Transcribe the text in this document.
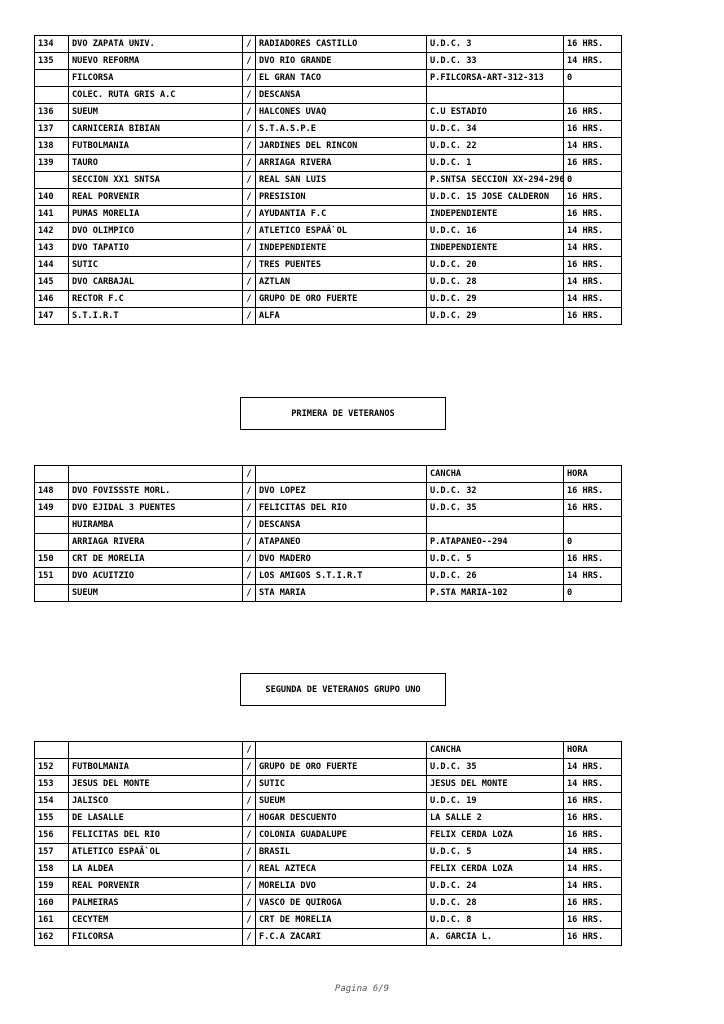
134	DVO ZAPATA UNIV.	/	RADIADORES CASTILLO	U.D.C. 3	16 HRS.
135	NUEVO REFORMA	/	DVO RIO GRANDE	U.D.C. 33	14 HRS.
	FILCORSA	/	EL GRAN TACO	P.FILCORSA-ART-312-313	0
	COLEC. RUTA GRIS A.C	/	DESCANSA		
136	SUEUM	/	HALCONES UVAQ	C.U ESTADIO	16 HRS.
137	CARNICERIA BIBIAN	/	S.T.A.S.P.E	U.D.C. 34	16 HRS.
138	FUTBOLMANIA	/	JARDINES DEL RINCON	U.D.C. 22	14 HRS.
139	TAURO	/	ARRIAGA RIVERA	U.D.C. 1	16 HRS.
	SECCION XX1 SNTSA	/	REAL SAN LUIS	P.SNTSA SECCION XX-294-296	0
140	REAL PORVENIR	/	PRESISION	U.D.C. 15 JOSE CALDERON	16 HRS.
141	PUMAS MORELIA	/	AYUDANTIA F.C	INDEPENDIENTE	16 HRS.
142	DVO OLIMPICO	/	ATLETICO ESPAÃ`OL	U.D.C. 16	14 HRS.
143	DVO TAPATIO	/	INDEPENDIENTE	INDEPENDIENTE	14 HRS.
144	SUTIC	/	TRES PUENTES	U.D.C. 20	16 HRS.
145	DVO CARBAJAL	/	AZTLAN	U.D.C. 28	14 HRS.
146	RECTOR F.C	/	GRUPO DE ORO FUERTE	U.D.C. 29	14 HRS.
147	S.T.I.R.T	/	ALFA	U.D.C. 29	16 HRS.
PRIMERA DE VETERANOS
		/		CANCHA	HORA
148	DVO FOVISSSTE MORL.	/	DVO LOPEZ	U.D.C. 32	16 HRS.
149	DVO EJIDAL 3 PUENTES	/	FELICITAS DEL RIO	U.D.C. 35	16 HRS.
	HUIRAMBA	/	DESCANSA		
	ARRIAGA RIVERA	/	ATAPANEO	P.ATAPANEO--294	0
150	CRT DE MORELIA	/	DVO MADERO	U.D.C. 5	16 HRS.
151	DVO ACUITZIO	/	LOS AMIGOS S.T.I.R.T	U.D.C. 26	14 HRS.
	SUEUM	/	STA MARIA	P.STA MARIA-102	0
SEGUNDA DE VETERANOS GRUPO UNO
		/		CANCHA	HORA
152	FUTBOLMANIA	/	GRUPO DE ORO FUERTE	U.D.C. 35	14 HRS.
153	JESUS DEL MONTE	/	SUTIC	JESUS DEL MONTE	14 HRS.
154	JALISCO	/	SUEUM	U.D.C. 19	16 HRS.
155	DE LASALLE	/	HOGAR DESCUENTO	LA SALLE 2	16 HRS.
156	FELICITAS DEL RIO	/	COLONIA GUADALUPE	FELIX CERDA LOZA	16 HRS.
157	ATLETICO ESPAÃ`OL	/	BRASIL	U.D.C. 5	14 HRS.
158	LA ALDEA	/	REAL AZTECA	FELIX CERDA LOZA	14 HRS.
159	REAL PORVENIR	/	MORELIA DVO	U.D.C. 24	14 HRS.
160	PALMEIRAS	/	VASCO DE QUIROGA	U.D.C. 28	16 HRS.
161	CECYTEM	/	CRT DE MORELIA	U.D.C. 8	16 HRS.
162	FILCORSA	/	F.C.A ZACARI	A. GARCIA L.	16 HRS.
Pagina 6/9
